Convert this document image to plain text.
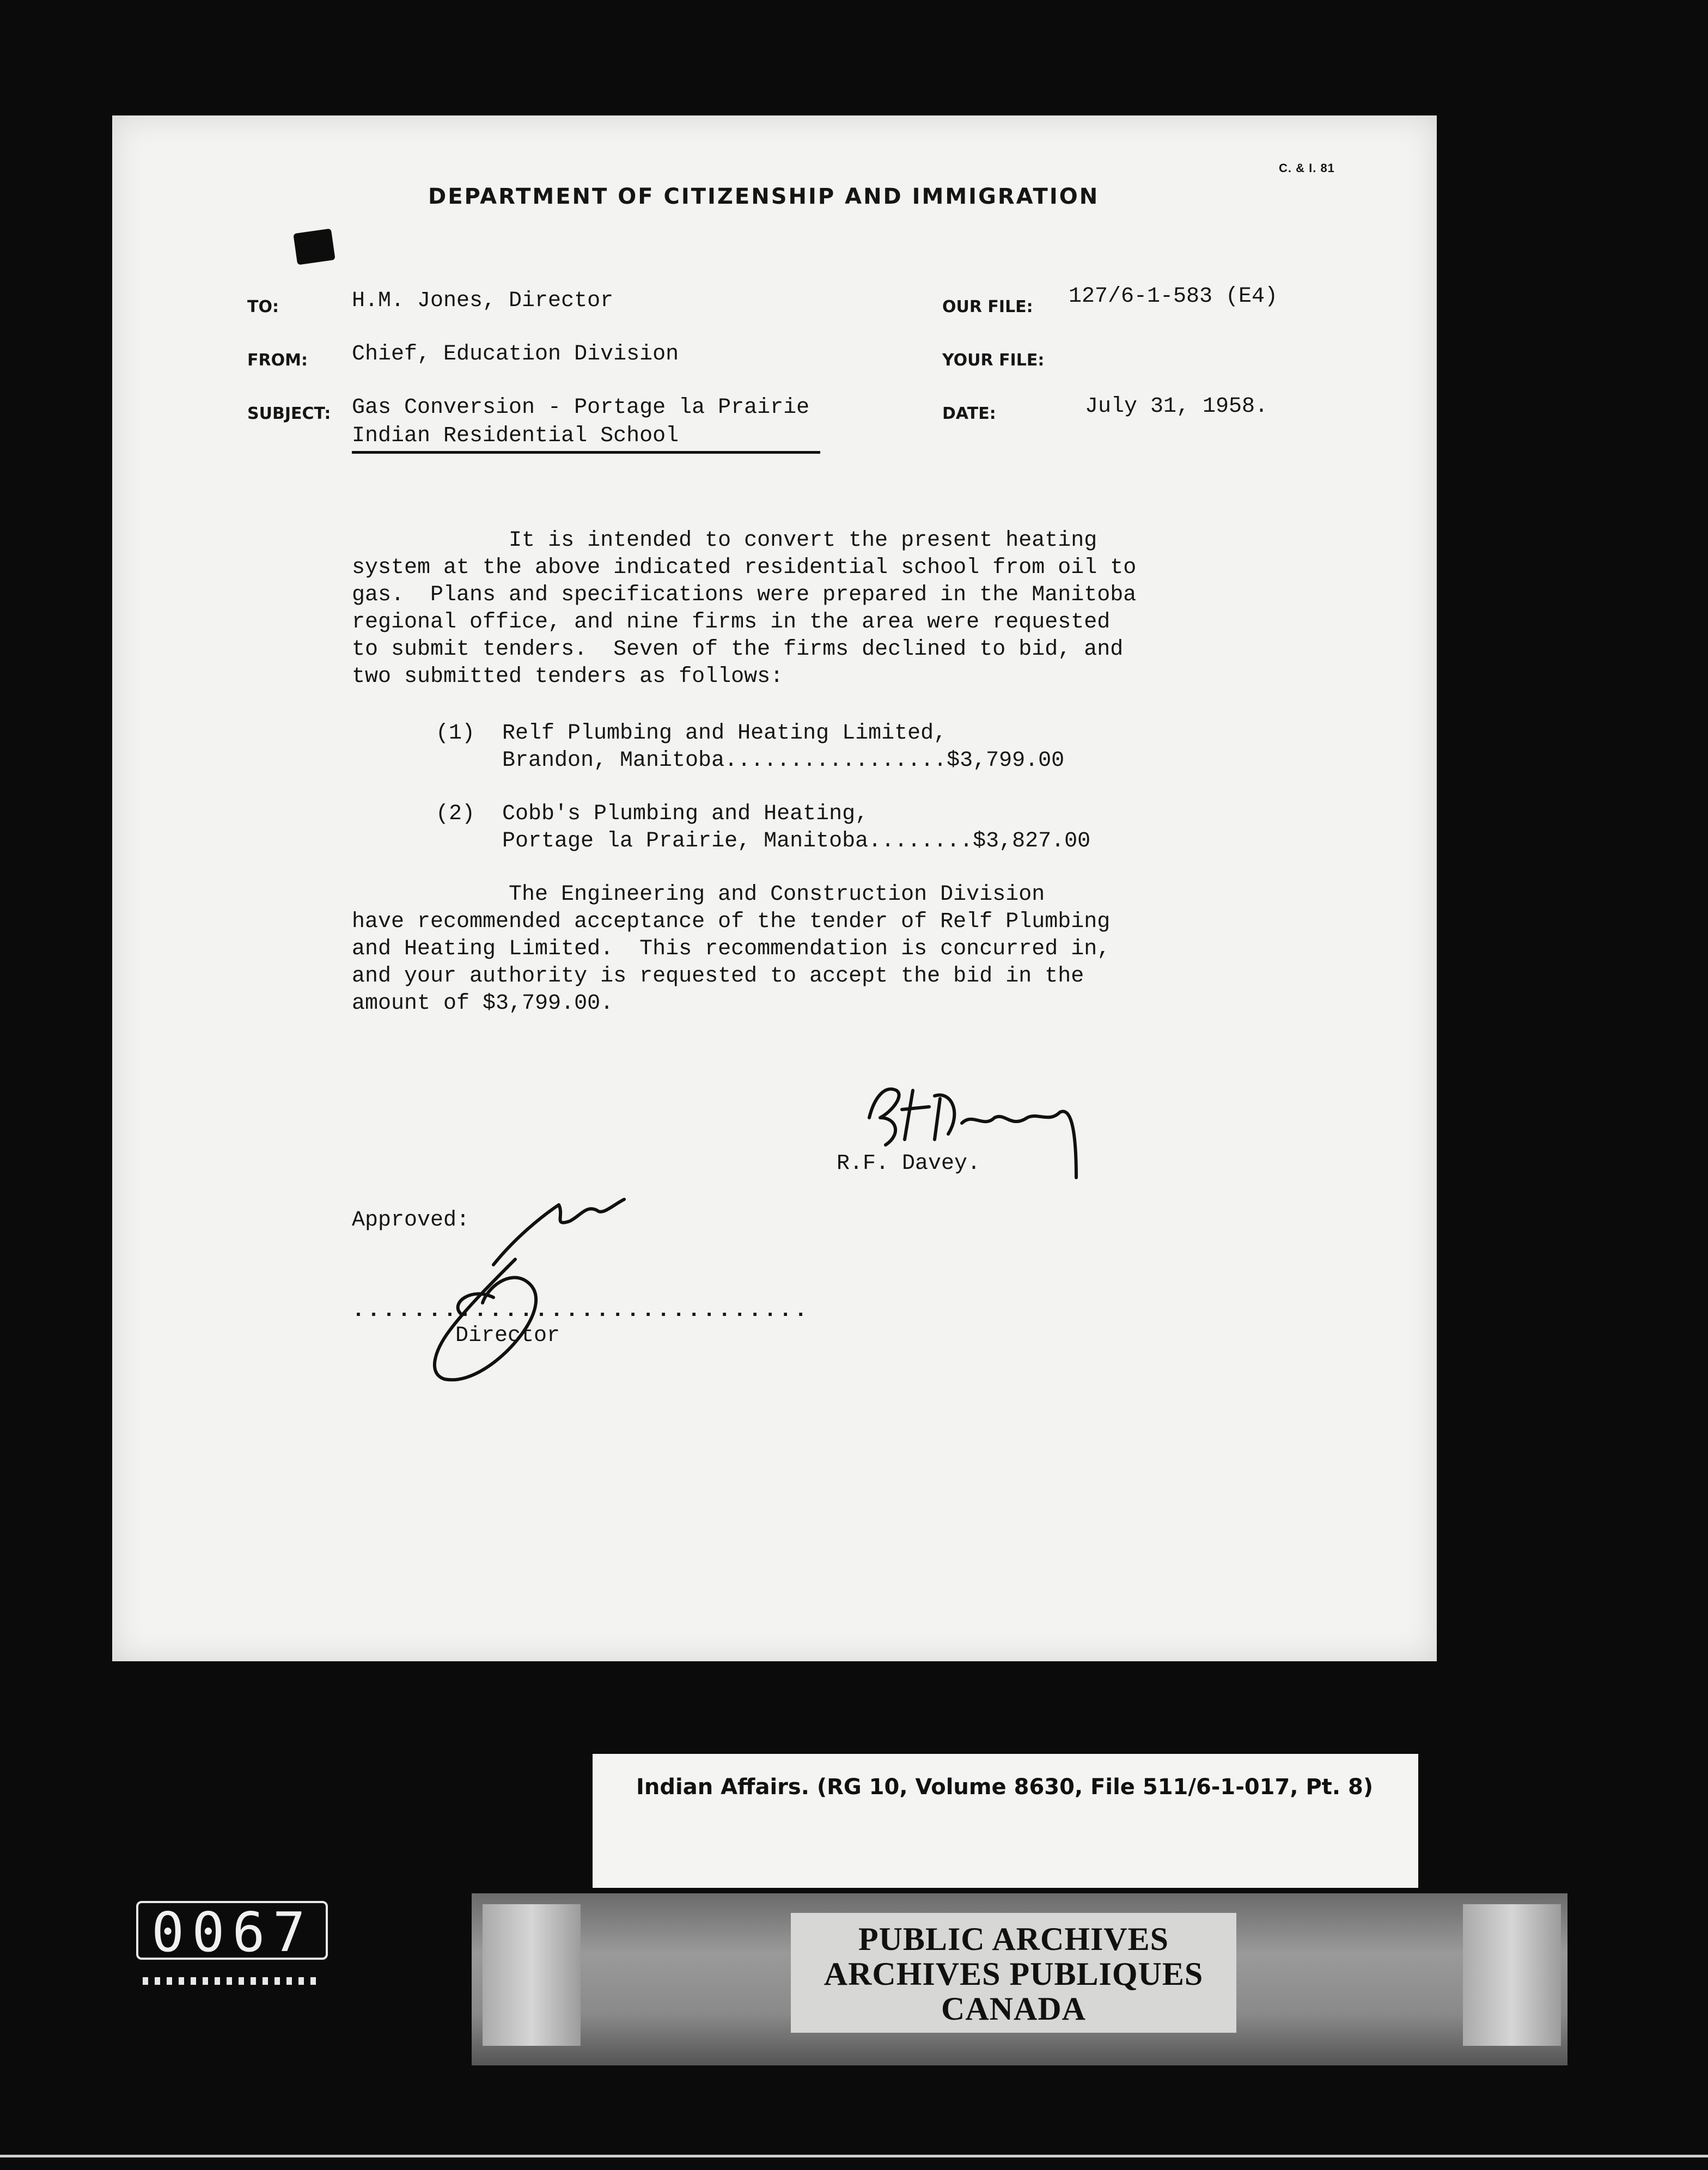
C. & I. 81
DEPARTMENT OF CITIZENSHIP AND IMMIGRATION
TO:	H.M. Jones, Director
FROM: Chief, Education Division
SUBJECT: Gas Conversion - Portage la Prairie
Indian Residential School
OUR FILE: 127/6-1-583 (E4)
YOUR FILE:
DATE:	July 31, 1958.
It is intended to convert the present heating
system at the above indicated residential school from oil to
gas.  Plans and specifications were prepared in the Manitoba
regional office, and nine firms in the area were requested
to submit tenders.  Seven of the firms declined to bid, and
two submitted tenders as follows:
(1) Relf Plumbing and Heating Limited,
Brandon, Manitoba.................$3,799.00
(2) Cobb's Plumbing and Heating,
Portage la Prairie, Manitoba........$3,827.00
The Engineering and Construction Division
have recommended acceptance of the tender of Relf Plumbing
and Heating Limited.  This recommendation is concurred in,
and your authority is requested to accept the bid in the
amount of $3,799.00.
R.F. Davey.
Approved:
..............................
Director
Indian Affairs. (RG 10, Volume 8630, File 511/6-1-017, Pt. 8)
PUBLIC ARCHIVES
ARCHIVES PUBLIQUES
CANADA
0067
